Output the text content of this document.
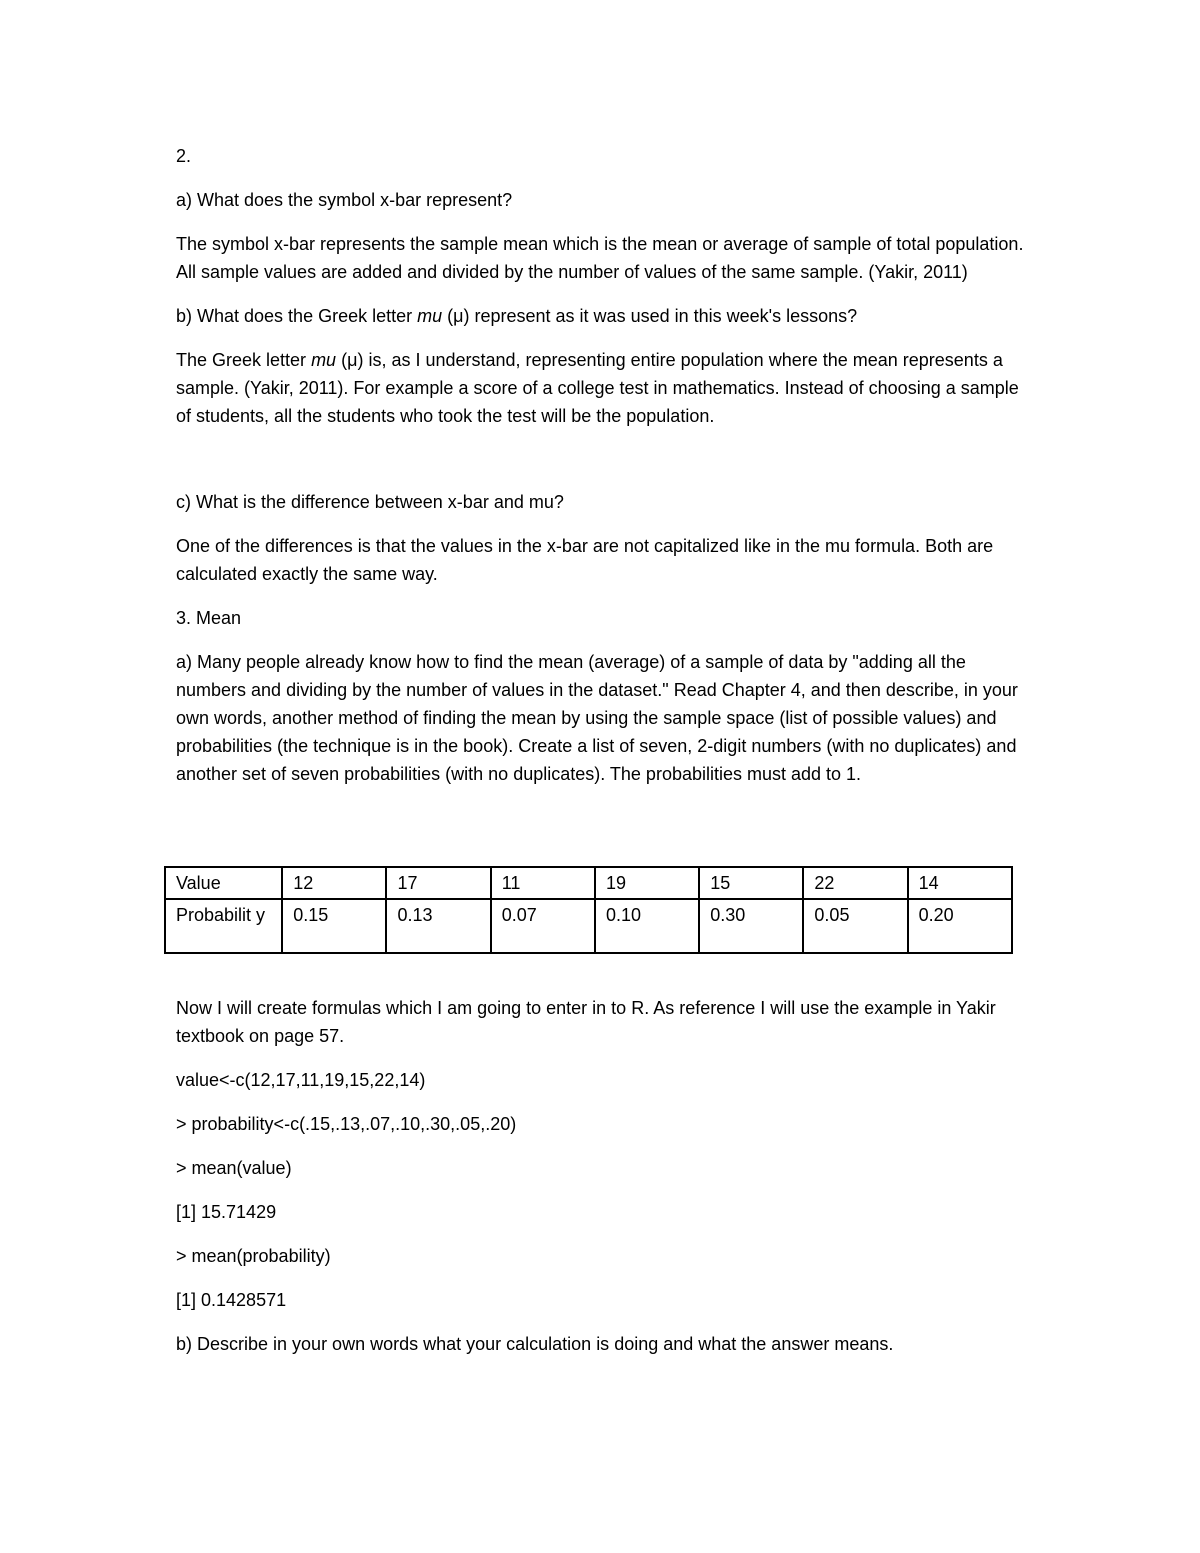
2.

a) What does the symbol x-bar represent?

The symbol x-bar represents the sample mean which is the mean or average of sample of total population. All sample values are added and divided by the number of values of the same sample. (Yakir, 2011)

b) What does the Greek letter mu (μ) represent as it was used in this week's lessons?

The Greek letter mu (μ) is, as I understand, representing entire population where the mean represents a sample. (Yakir, 2011). For example a score of a college test in mathematics. Instead of choosing a sample of students, all the students who took the test will be the population.

c) What is the difference between x-bar and mu?

One of the differences is that the values in the x-bar are not capitalized like in the mu formula. Both are calculated exactly the same way.

3. Mean

a) Many people already know how to find the mean (average) of a sample of data by "adding all the numbers and dividing by the number of values in the dataset." Read Chapter 4, and then describe, in your own words, another method of finding the mean by using the sample space (list of possible values) and probabilities (the technique is in the book). Create a list of seven, 2-digit numbers (with no duplicates) and another set of seven probabilities (with no duplicates). The probabilities must add to 1.

Value	12	17	11	19	15	22	14
Probabilit y	0.15	0.13	0.07	0.10	0.30	0.05	0.20

Now I will create formulas which I am going to enter in to R. As reference I will use the example in Yakir textbook on page 57.

value<-c(12,17,11,19,15,22,14)

> probability<-c(.15,.13,.07,.10,.30,.05,.20)

> mean(value)

[1] 15.71429

> mean(probability)

[1] 0.1428571

b) Describe in your own words what your calculation is doing and what the answer means.
